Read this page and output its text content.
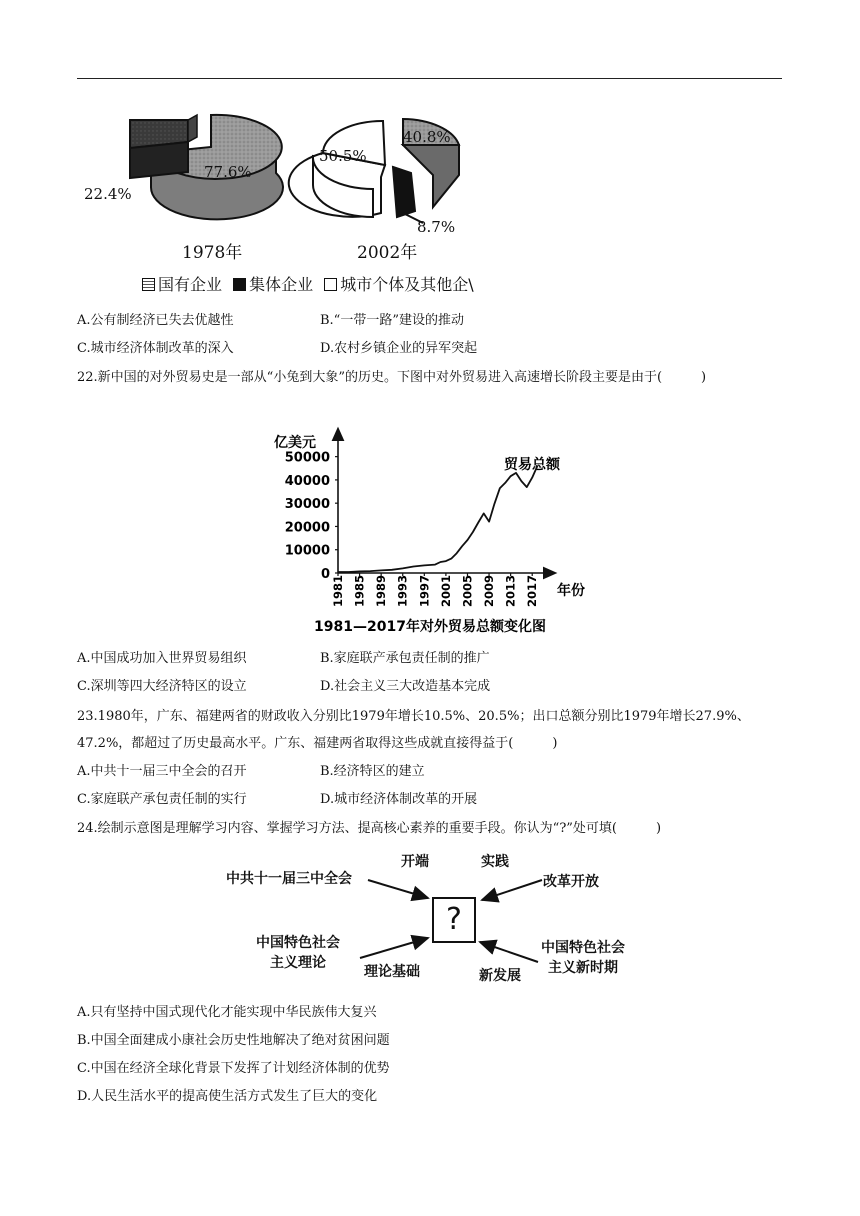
77.6%
22.4%
40.8%
8.7%
50.5%
1978年	2002年
国有企业 集体企业 城市个体及其他企\
A.公有制经济已失去优越性	B.“一带一路”建设的推动
C.城市经济体制改革的深入	D.农村乡镇企业的异军突起
22.新中国的对外贸易史是一部从“小兔到大象”的历史。下图中对外贸易进入高速增长阶段主要是由于(　　　)
亿美元
年份
贸易总额
50000
40000
30000
20000
10000
0
1981 1985 1989 1993 1997 2001 2005 2009 2013 2017
1981—2017年对外贸易总额变化图
A.中国成功加入世界贸易组织	B.家庭联产承包责任制的推广
C.深圳等四大经济特区的设立	D.社会主义三大改造基本完成
23.1980年，广东、福建两省的财政收入分别比1979年增长10.5%、20.5%；出口总额分别比1979年增长27.9%、47.2%，都超过了历史最高水平。广东、福建两省取得这些成就直接得益于(　　　)
A.中共十一届三中全会的召开	B.经济特区的建立
C.家庭联产承包责任制的实行	D.城市经济体制改革的开展
24.绘制示意图是理解学习内容、掌握学习方法、提高核心素养的重要手段。你认为“?”处可填(　　　)
中共十一届三中全会
开端	实践
改革开放
?
中国特色社会
主义理论
理论基础	新发展
中国特色社会
主义新时期
A.只有坚持中国式现代化才能实现中华民族伟大复兴
B.中国全面建成小康社会历史性地解决了绝对贫困问题
C.中国在经济全球化背景下发挥了计划经济体制的优势
D.人民生活水平的提高使生活方式发生了巨大的变化
